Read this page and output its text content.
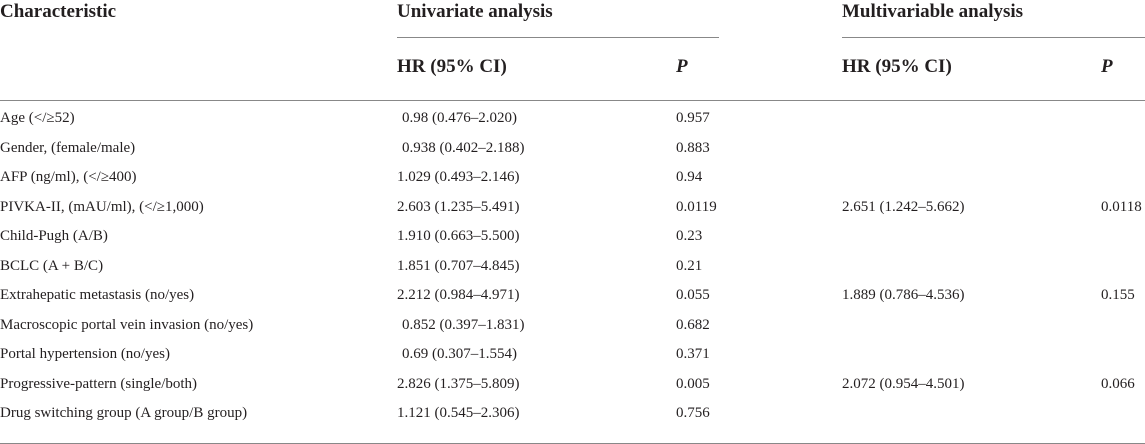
Characteristic	Univariate analysis	Multivariable analysis
HR (95% CI)	P	HR (95% CI)	P
Age (</≥52)	0.98 (0.476–2.020)	0.957
Gender, (female/male)	0.938 (0.402–2.188)	0.883
AFP (ng/ml), (</≥400)	1.029 (0.493–2.146)	0.94
PIVKA-II, (mAU/ml), (</≥1,000)	2.603 (1.235–5.491)	0.0119	2.651 (1.242–5.662)	0.0118
Child-Pugh (A/B)	1.910 (0.663–5.500)	0.23
BCLC (A + B/C)	1.851 (0.707–4.845)	0.21
Extrahepatic metastasis (no/yes)	2.212 (0.984–4.971)	0.055	1.889 (0.786–4.536)	0.155
Macroscopic portal vein invasion (no/yes)	0.852 (0.397–1.831)	0.682
Portal hypertension (no/yes)	0.69 (0.307–1.554)	0.371
Progressive-pattern (single/both)	2.826 (1.375–5.809)	0.005	2.072 (0.954–4.501)	0.066
Drug switching group (A group/B group)	1.121 (0.545–2.306)	0.756
